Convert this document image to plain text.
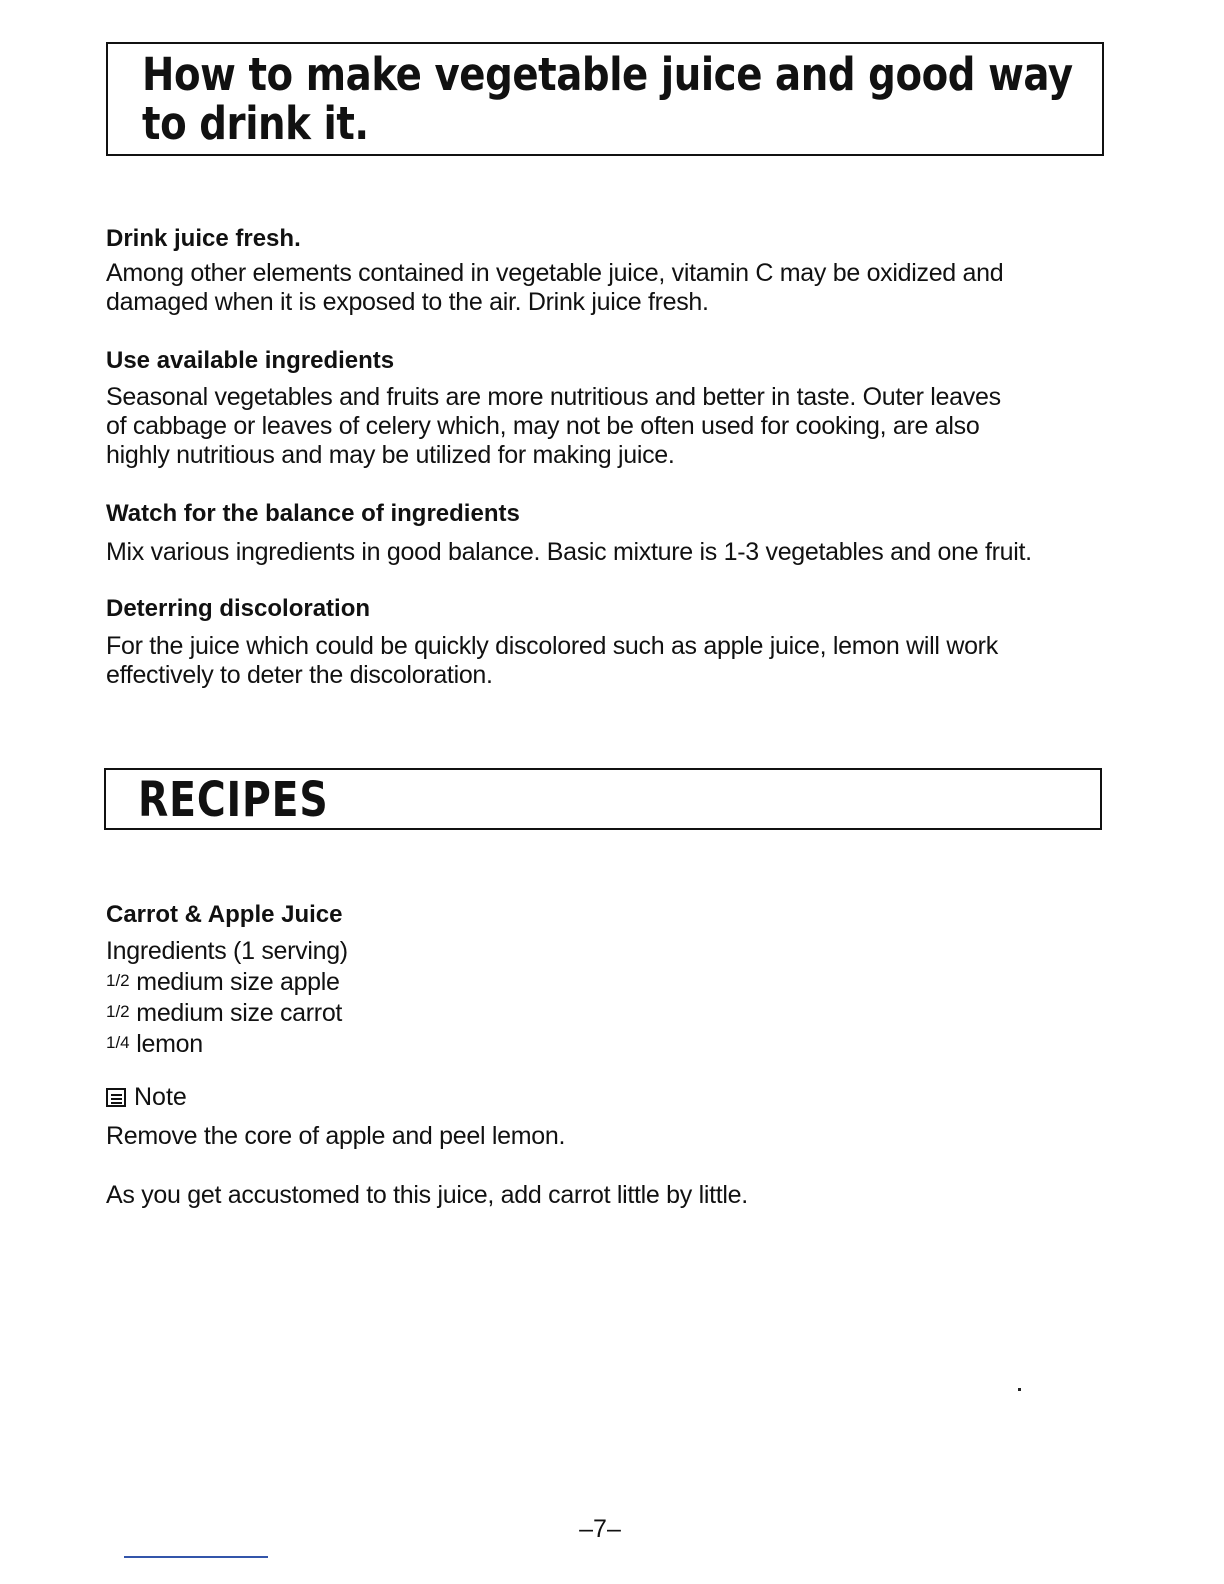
How to make vegetable juice and good way
to drink it.
Drink juice fresh.

Among other elements contained in vegetable juice, vitamin C may be oxidized and
damaged when it is exposed to the air. Drink juice fresh.

Use available ingredients

Seasonal vegetables and fruits are more nutritious and better in taste. Outer leaves
of cabbage or leaves of celery which, may not be often used for cooking, are also
highly nutritious and may be utilized for making juice.

Watch for the balance of ingredients

Mix various ingredients in good balance. Basic mixture is 1-3 vegetables and one fruit.

Deterring discoloration

For the juice which could be quickly discolored such as apple juice, lemon will work
effectively to deter the discoloration.

RECIPES
Carrot & Apple Juice
Ingredients (1 serving)
1/2 medium size apple
1/2 medium size carrot
1/4 lemon
Note

Remove the core of apple and peel lemon.

As you get accustomed to this juice, add carrot little by little.

–7–
